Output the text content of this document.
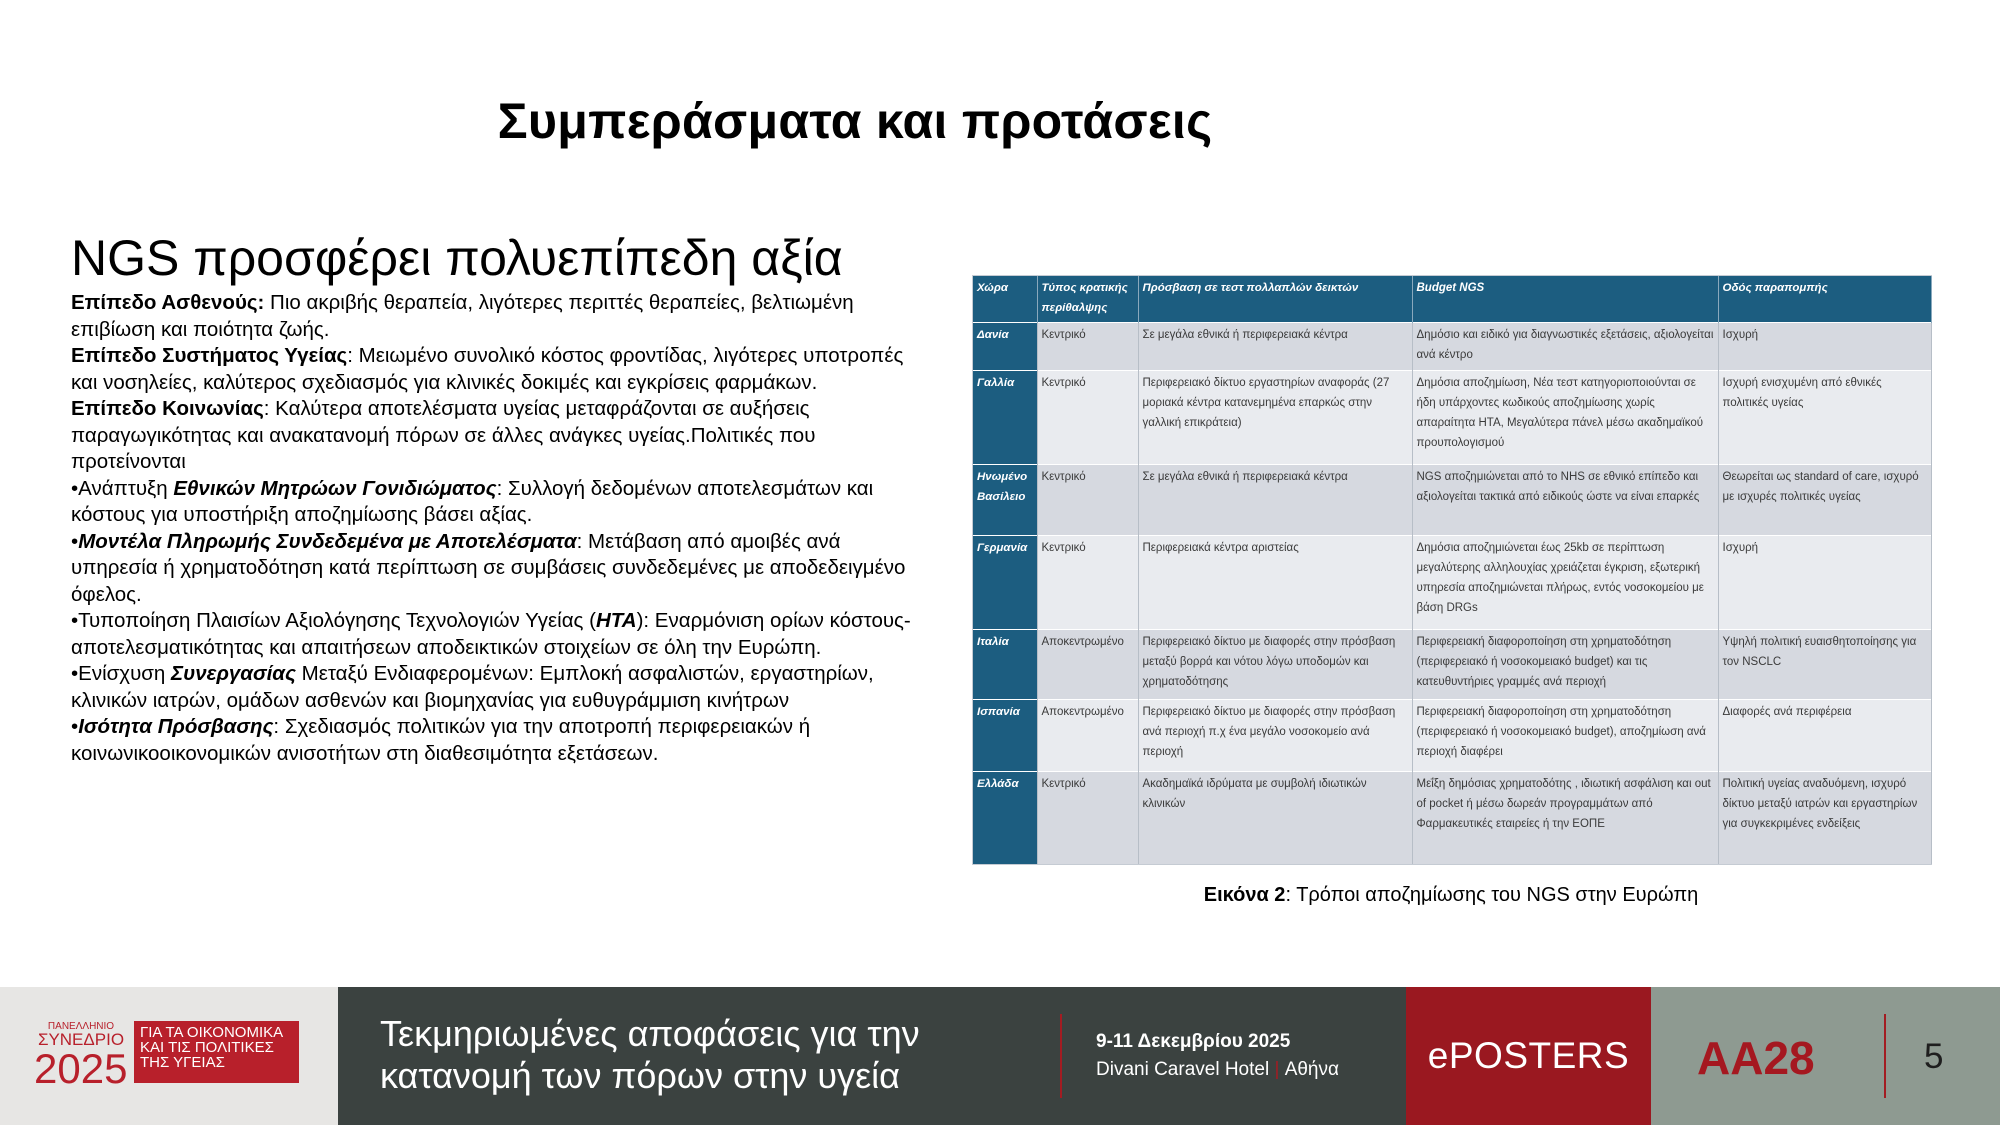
Συμπεράσματα και προτάσεις
NGS προσφέρει πολυεπίπεδη αξία

Επίπεδο Ασθενούς: Πιο ακριβής θεραπεία, λιγότερες περιττές θεραπείες, βελτιωμένη επιβίωση και ποιότητα ζωής.

Επίπεδο Συστήματος Υγείας: Μειωμένο συνολικό κόστος φροντίδας, λιγότερες υποτροπές και νοσηλείες, καλύτερος σχεδιασμός για κλινικές δοκιμές και εγκρίσεις φαρμάκων.

Επίπεδο Κοινωνίας: Καλύτερα αποτελέσματα υγείας μεταφράζονται σε αυξήσεις παραγωγικότητας και ανακατανομή πόρων σε άλλες ανάγκες υγείας.Πολιτικές που προτείνονται

•Ανάπτυξη Εθνικών Μητρώων Γονιδιώματος: Συλλογή δεδομένων αποτελεσμάτων και κόστους για υποστήριξη αποζημίωσης βάσει αξίας.

•Μοντέλα Πληρωμής Συνδεδεμένα με Αποτελέσματα: Μετάβαση από αμοιβές ανά υπηρεσία ή χρηματοδότηση κατά περίπτωση σε συμβάσεις συνδεδεμένες με αποδεδειγμένο όφελος.

•Τυποποίηση Πλαισίων Αξιολόγησης Τεχνολογιών Υγείας (HTA): Εναρμόνιση ορίων κόστους-αποτελεσματικότητας και απαιτήσεων αποδεικτικών στοιχείων σε όλη την Ευρώπη.

•Ενίσχυση Συνεργασίας Μεταξύ Ενδιαφερομένων: Εμπλοκή ασφαλιστών, εργαστηρίων, κλινικών ιατρών, ομάδων ασθενών και βιομηχανίας για ευθυγράμμιση κινήτρων

•Ισότητα Πρόσβασης: Σχεδιασμός πολιτικών για την αποτροπή περιφερειακών ή κοινωνικοοικονομικών ανισοτήτων στη διαθεσιμότητα εξετάσεων.

Χώρα	Τύπος κρατικής περίθαλψης	Πρόσβαση σε τεστ πολλαπλών δεικτών	Budget NGS	Οδός παραπομπής
Δανία	Κεντρικό	Σε μεγάλα εθνικά ή περιφερειακά κέντρα	Δημόσιο και ειδικό για διαγνωστικές εξετάσεις, αξιολογείται ανά κέντρο	Ισχυρή
Γαλλία	Κεντρικό	Περιφερειακό δίκτυο εργαστηρίων αναφοράς (27 μοριακά κέντρα κατανεμημένα επαρκώς στην γαλλική επικράτεια)	Δημόσια αποζημίωση, Νέα τεστ κατηγοριοποιούνται σε ήδη υπάρχοντες κωδικούς αποζημίωσης χωρίς απαραίτητα HTA, Μεγαλύτερα πάνελ μέσω ακαδημαϊκού προυπολογισμού	Ισχυρή ενισχυμένη από εθνικές πολιτικές υγείας
Ηνωμένο Βασίλειο	Κεντρικό	Σε μεγάλα εθνικά ή περιφερειακά κέντρα	NGS αποζημιώνεται από το NHS σε εθνικό επίπεδο και αξιολογείται τακτικά από ειδικούς ώστε να είναι επαρκές	Θεωρείται ως standard of care, ισχυρό με ισχυρές πολιτικές υγείας
Γερμανία	Κεντρικό	Περιφερειακά κέντρα αριστείας	Δημόσια αποζημιώνεται έως 25kb σε περίπτωση μεγαλύτερης αλληλουχίας χρειάζεται έγκριση, εξωτερική υπηρεσία αποζημιώνεται πλήρως, εντός νοσοκομείου με βάση DRGs	Ισχυρή
Ιταλία	Αποκεντρωμένο	Περιφερειακό δίκτυο με διαφορές στην πρόσβαση μεταξύ βορρά και νότου λόγω υποδομών και χρηματοδότησης	Περιφερειακή διαφοροποίηση στη χρηματοδότηση (περιφερειακό ή νοσοκομειακό budget) και τις κατευθυντήριες γραμμές ανά περιοχή	Υψηλή πολιτική ευαισθητοποίησης για τον NSCLC
Ισπανία	Αποκεντρωμένο	Περιφερειακό δίκτυο με διαφορές στην πρόσβαση ανά περιοχή π.χ ένα μεγάλο νοσοκομείο ανά περιοχή	Περιφερειακή διαφοροποίηση στη χρηματοδότηση (περιφερειακό ή νοσοκομειακό budget), αποζημίωση ανά περιοχή διαφέρει	Διαφορές ανά περιφέρεια
Ελλάδα	Κεντρικό	Ακαδημαϊκά ιδρύματα με συμβολή ιδιωτικών κλινικών	Μεΐξη δημόσιας χρηματοδότης , ιδιωτική ασφάλιση και out of pocket ή μέσω δωρεάν προγραμμάτων από Φαρμακευτικές εταιρείες ή την ΕΟΠΕ	Πολιτική υγείας αναδυόμενη, ισχυρό δίκτυο μεταξύ ιατρών και εργαστηρίων για συγκεκριμένες ενδείξεις
Εικόνα 2: Τρόποι αποζημίωσης του NGS στην Ευρώπη
ΠΑΝΕΛΛΗΝΙΟ
ΣΥΝΕΔΡΙΟ
2025
ΓΙΑ ΤΑ ΟΙΚΟΝΟΜΙΚΑ ΚΑΙ ΤΙΣ ΠΟΛΙΤΙΚΕΣ ΤΗΣ ΥΓΕΙΑΣ
Τεκμηριωμένες αποφάσεις για την κατανομή των πόρων στην υγεία
9-11 Δεκεμβρίου 2025
Divani Caravel Hotel | Αθήνα	ePOSTERS	AA28	5
